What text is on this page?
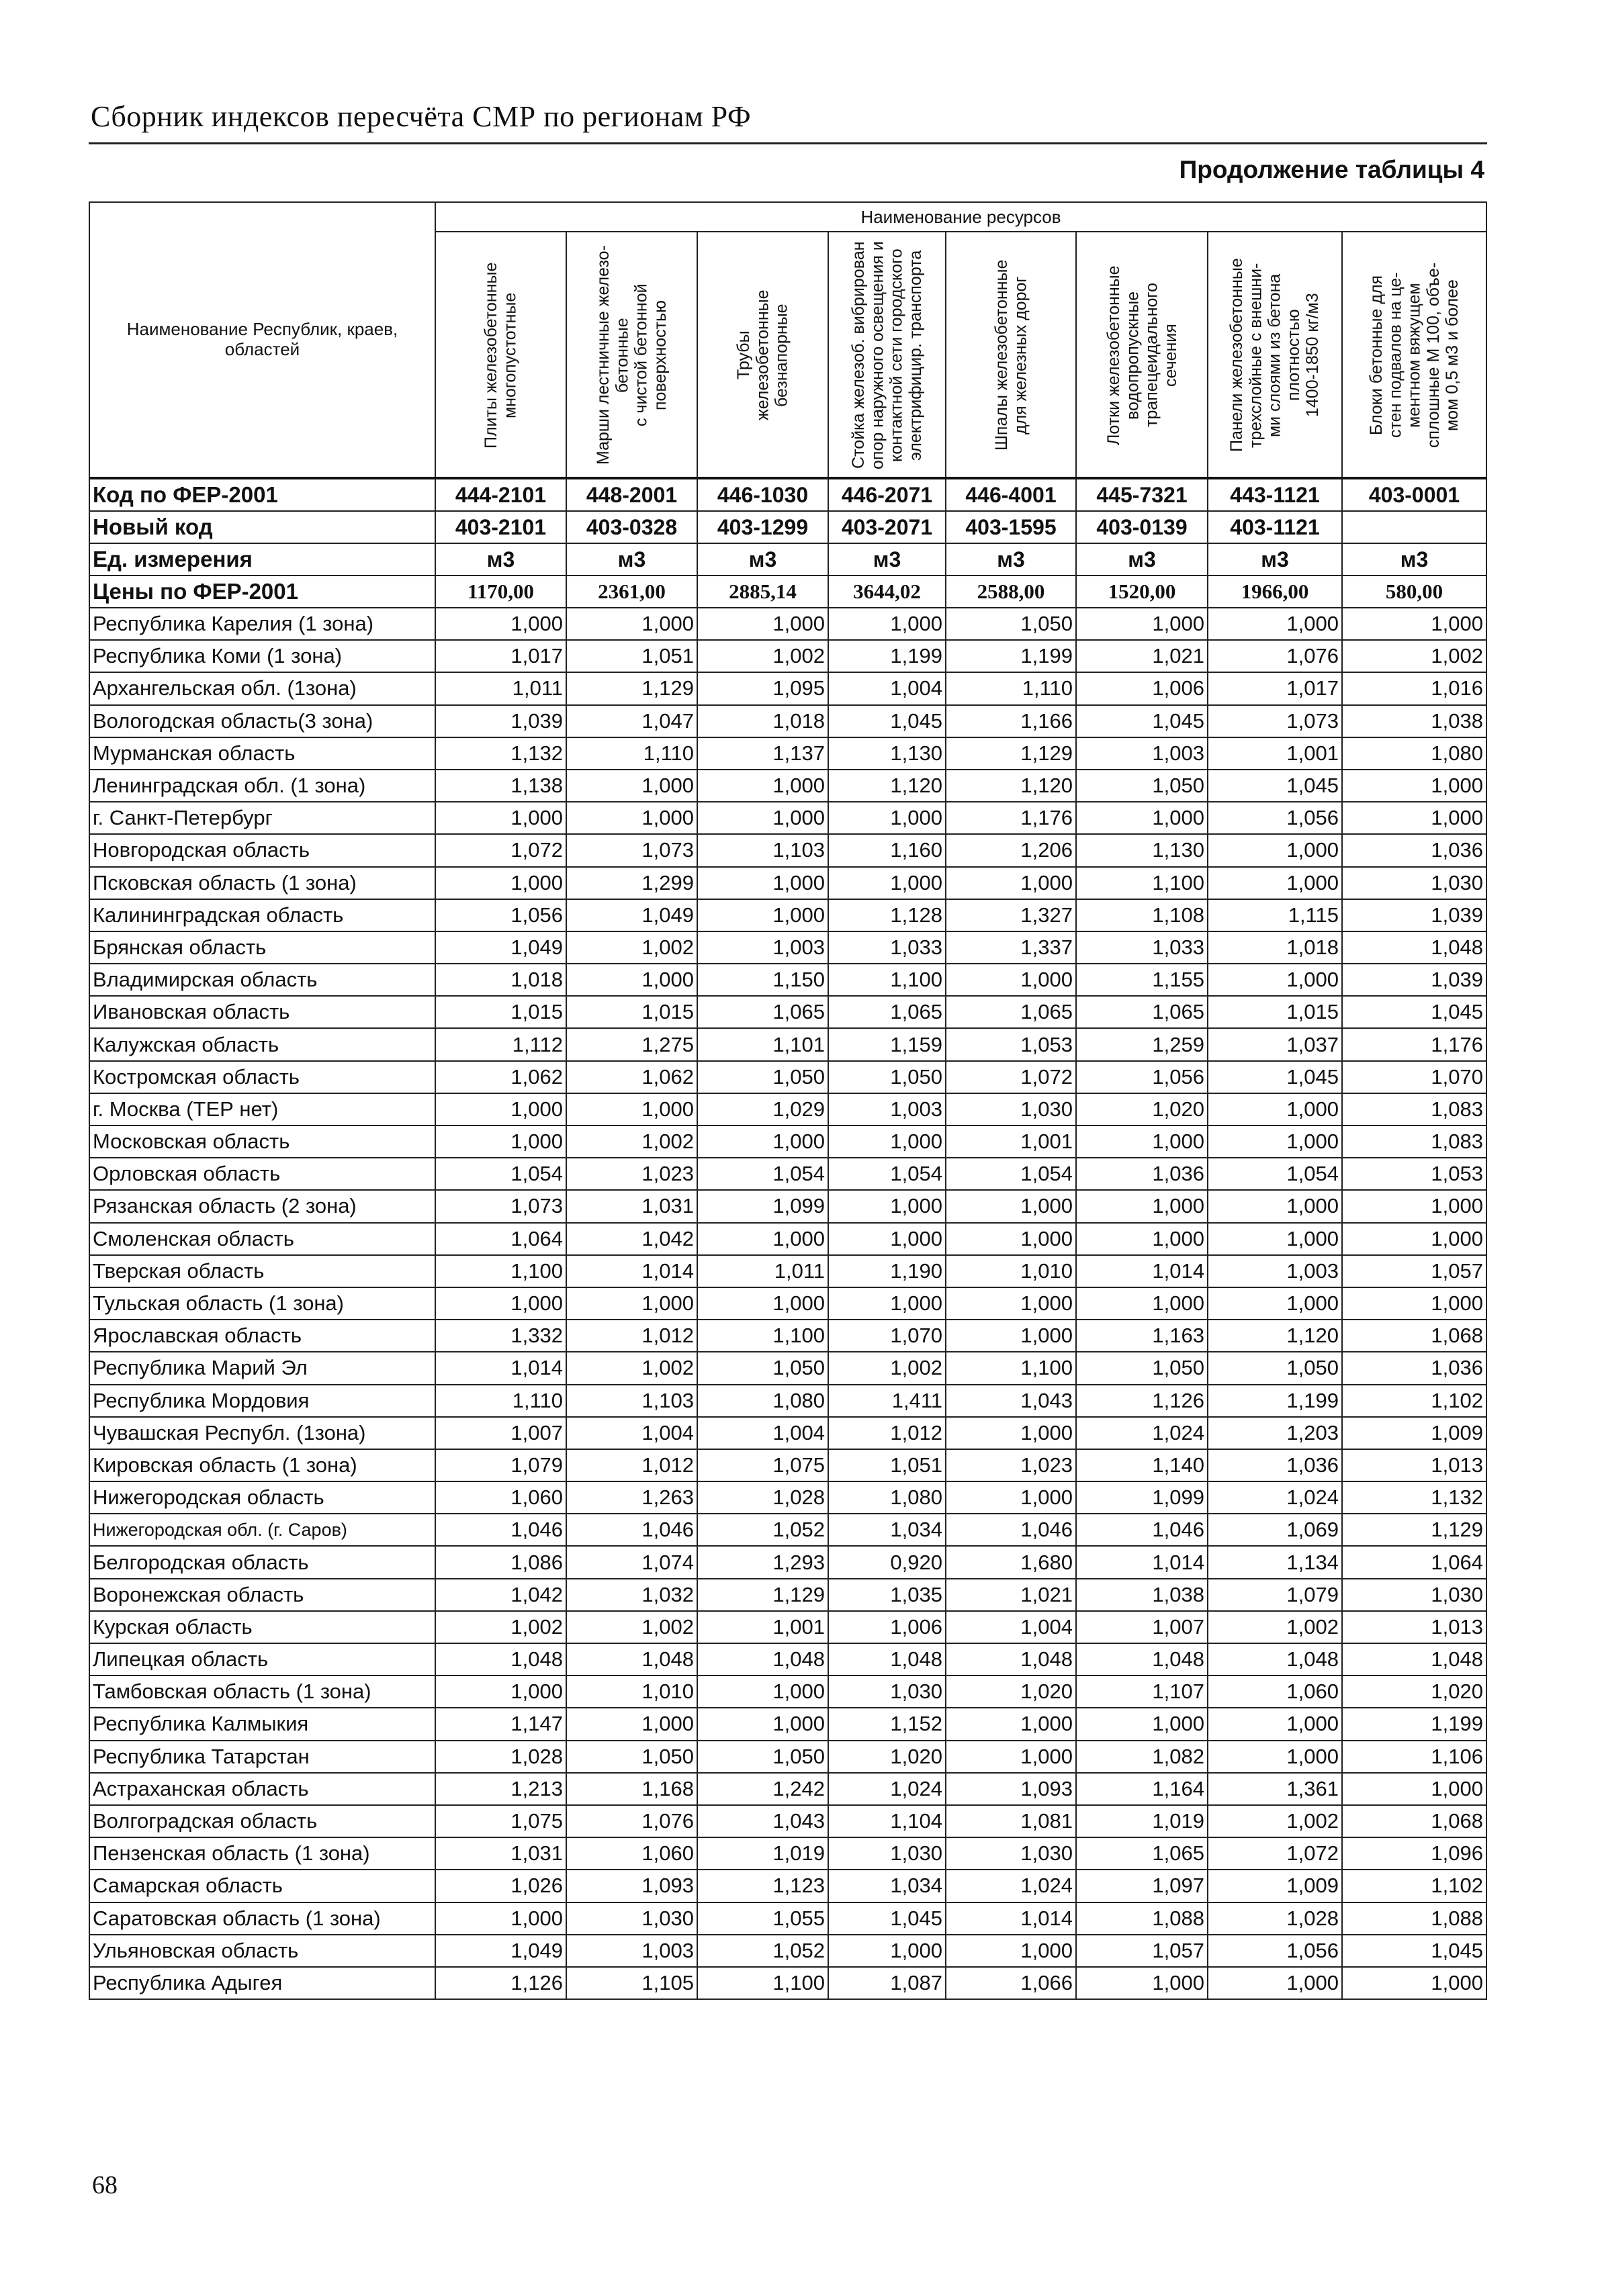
Сборник индексов пересчёта СМР по регионам РФ
Продолжение таблицы 4
Наименование Республик, краев, областей	Наименование ресурсов							

	Плиты железобетонные
многопустотные	Марши лестничные железо-
бетонные
с чистой бетонной
поверхностью	Трубы
железобетонные
безнапорные	Стойка железоб. вибрирован
опор наружного освещения и
контактной сети городского
электрифицир. транспорта	Шпалы железобетонные
для железных дорог	Лотки железобетонные
водопропускные
трапецеидального
сечения	Панели железобетонные
трехслойные с внешни-
ми слоями из бетона
плотностью
1400-1850 кг/м3	Блоки бетонные для
стен подвалов на це-
ментном вяжущем
сплошные М 100, объе-
мом 0,5 м3 и более

Код по ФЕР-2001	444-2101	448-2001	446-1030	446-2071	446-4001	445-7321	443-1121	403-0001
Новый код	403-2101	403-0328	403-1299	403-2071	403-1595	403-0139	403-1121	
Ед. измерения	м3	м3	м3	м3	м3	м3	м3	м3
Цены по ФЕР-2001	1170,00	2361,00	2885,14	3644,02	2588,00	1520,00	1966,00	580,00
Республика Карелия (1 зона)	1,000	1,000	1,000	1,000	1,050	1,000	1,000	1,000
Республика Коми (1 зона)	1,017	1,051	1,002	1,199	1,199	1,021	1,076	1,002
Архангельская обл. (1зона)	1,011	1,129	1,095	1,004	1,110	1,006	1,017	1,016
Вологодская область(3 зона)	1,039	1,047	1,018	1,045	1,166	1,045	1,073	1,038
Мурманская область	1,132	1,110	1,137	1,130	1,129	1,003	1,001	1,080
Ленинградская обл. (1 зона)	1,138	1,000	1,000	1,120	1,120	1,050	1,045	1,000
г. Санкт-Петербург	1,000	1,000	1,000	1,000	1,176	1,000	1,056	1,000
Новгородская область	1,072	1,073	1,103	1,160	1,206	1,130	1,000	1,036
Псковская область (1 зона)	1,000	1,299	1,000	1,000	1,000	1,100	1,000	1,030
Калининградская область	1,056	1,049	1,000	1,128	1,327	1,108	1,115	1,039
Брянская область	1,049	1,002	1,003	1,033	1,337	1,033	1,018	1,048
Владимирская область	1,018	1,000	1,150	1,100	1,000	1,155	1,000	1,039
Ивановская область	1,015	1,015	1,065	1,065	1,065	1,065	1,015	1,045
Калужская область	1,112	1,275	1,101	1,159	1,053	1,259	1,037	1,176
Костромская область	1,062	1,062	1,050	1,050	1,072	1,056	1,045	1,070
г. Москва (ТЕР нет)	1,000	1,000	1,029	1,003	1,030	1,020	1,000	1,083
Московская область	1,000	1,002	1,000	1,000	1,001	1,000	1,000	1,083
Орловская область	1,054	1,023	1,054	1,054	1,054	1,036	1,054	1,053
Рязанская область (2 зона)	1,073	1,031	1,099	1,000	1,000	1,000	1,000	1,000
Смоленская область	1,064	1,042	1,000	1,000	1,000	1,000	1,000	1,000
Тверская область	1,100	1,014	1,011	1,190	1,010	1,014	1,003	1,057
Тульская область (1 зона)	1,000	1,000	1,000	1,000	1,000	1,000	1,000	1,000
Ярославская область	1,332	1,012	1,100	1,070	1,000	1,163	1,120	1,068
Республика Марий Эл	1,014	1,002	1,050	1,002	1,100	1,050	1,050	1,036
Республика Мордовия	1,110	1,103	1,080	1,411	1,043	1,126	1,199	1,102
Чувашская Республ. (1зона)	1,007	1,004	1,004	1,012	1,000	1,024	1,203	1,009
Кировская область (1 зона)	1,079	1,012	1,075	1,051	1,023	1,140	1,036	1,013
Нижегородская область	1,060	1,263	1,028	1,080	1,000	1,099	1,024	1,132
Нижегородская обл. (г. Саров)	1,046	1,046	1,052	1,034	1,046	1,046	1,069	1,129
Белгородская область	1,086	1,074	1,293	0,920	1,680	1,014	1,134	1,064
Воронежская область	1,042	1,032	1,129	1,035	1,021	1,038	1,079	1,030
Курская область	1,002	1,002	1,001	1,006	1,004	1,007	1,002	1,013
Липецкая область	1,048	1,048	1,048	1,048	1,048	1,048	1,048	1,048
Тамбовская область (1 зона)	1,000	1,010	1,000	1,030	1,020	1,107	1,060	1,020
Республика Калмыкия	1,147	1,000	1,000	1,152	1,000	1,000	1,000	1,199
Республика Татарстан	1,028	1,050	1,050	1,020	1,000	1,082	1,000	1,106
Астраханская область	1,213	1,168	1,242	1,024	1,093	1,164	1,361	1,000
Волгоградская область	1,075	1,076	1,043	1,104	1,081	1,019	1,002	1,068
Пензенская область (1 зона)	1,031	1,060	1,019	1,030	1,030	1,065	1,072	1,096
Самарская область	1,026	1,093	1,123	1,034	1,024	1,097	1,009	1,102
Саратовская область (1 зона)	1,000	1,030	1,055	1,045	1,014	1,088	1,028	1,088
Ульяновская область	1,049	1,003	1,052	1,000	1,000	1,057	1,056	1,045
Республика Адыгея	1,126	1,105	1,100	1,087	1,066	1,000	1,000	1,000
68
